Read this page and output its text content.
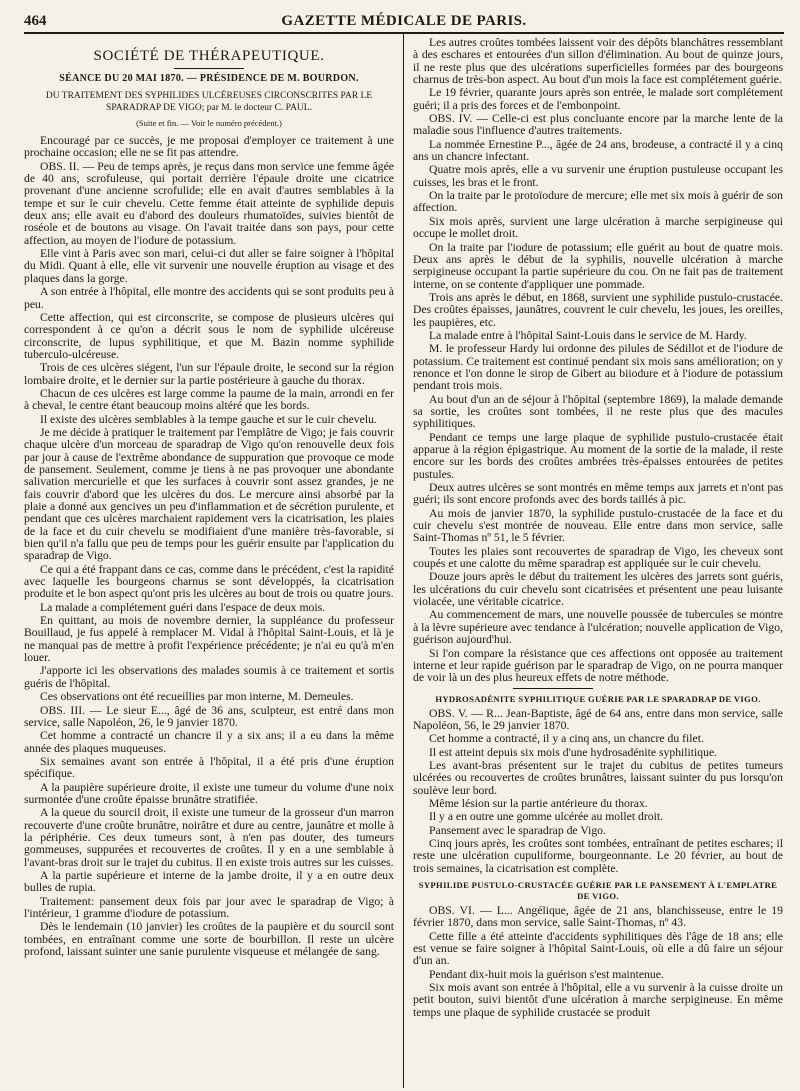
464	GAZETTE MÉDICALE DE PARIS.
SOCIÉTÉ DE THÉRAPEUTIQUE.
SÉANCE DU 20 MAI 1870. — PRÉSIDENCE DE M. BOURDON.
DU TRAITEMENT DES SYPHILIDES ULCÉREUSES CIRCONSCRITES PAR LE SPARADRAP DE VIGO; par M. le docteur C. PAUL.
(Suite et fin. — Voir le numéro précédent.)

Encouragé par ce succès, je me proposai d'employer ce traitement à une prochaine occasion; elle ne se fit pas attendre.

OBS. II. — Peu de temps après, je reçus dans mon service une femme âgée de 40 ans, scrofuleuse, qui portait derrière l'épaule droite une cicatrice provenant d'une ancienne scrofulide; elle en avait d'autres semblables à la tempe et sur le cuir chevelu. Cette femme était atteinte de syphilide depuis deux ans; elle avait eu d'abord des douleurs rhumatoïdes, suivies bientôt de roséole et de boutons au visage. On l'avait traitée dans son pays, pour cette affection, au moyen de l'iodure de potassium.

Elle vint à Paris avec son mari, celui-ci dut aller se faire soigner à l'hôpital du Midi. Quant à elle, elle vit survenir une nouvelle éruption au visage et des plaques dans la gorge.

A son entrée à l'hôpital, elle montre des accidents qui se sont produits peu à peu.

Cette affection, qui est circonscrite, se compose de plusieurs ulcères qui correspondent à ce qu'on a décrit sous le nom de syphilide ulcéreuse circonscrite, de lupus syphilitique, et que M. Bazin nomme syphilide tuberculo-ulcéreuse.

Trois de ces ulcères siégent, l'un sur l'épaule droite, le second sur la région lombaire droite, et le dernier sur la partie postérieure à gauche du thorax.

Chacun de ces ulcères est large comme la paume de la main, arrondi en fer à cheval, le centre étant beaucoup moins altéré que les bords.

Il existe des ulcères semblables à la tempe gauche et sur le cuir chevelu.

Je me décide à pratiquer le traitement par l'emplâtre de Vigo; je fais couvrir chaque ulcère d'un morceau de sparadrap de Vigo qu'on renouvelle deux fois par jour à cause de l'extrême abondance de suppuration que provoque ce mode de pansement. Seulement, comme je tiens à ne pas provoquer une abondante salivation mercurielle et que les surfaces à couvrir sont assez grandes, je ne fais couvrir d'abord que les ulcères du dos. Le mercure ainsi absorbé par la plaie a donné aux gencives un peu d'inflammation et de sécrétion purulente, et pendant que ces ulcères marchaient rapidement vers la cicatrisation, les plaies de la face et du cuir chevelu se modifiaient d'une manière très-favorable, si bien qu'il n'a fallu que peu de temps pour les guérir ensuite par l'application du sparadrap de Vigo.

Ce qui a été frappant dans ce cas, comme dans le précédent, c'est la rapidité avec laquelle les bourgeons charnus se sont développés, la cicatrisation produite et le bon aspect qu'ont pris les ulcères au bout de trois ou quatre jours.

La malade a complétement guéri dans l'espace de deux mois.

En quittant, au mois de novembre dernier, la suppléance du professeur Bouillaud, je fus appelé à remplacer M. Vidal à l'hôpital Saint-Louis, et là je ne manquai pas de mettre à profit l'expérience précédente; je n'ai eu qu'à m'en louer.

J'apporte ici les observations des malades soumis à ce traitement et sortis guéris de l'hôpital.

Ces observations ont été recueillies par mon interne, M. Demeules.

OBS. III. — Le sieur E..., âgé de 36 ans, sculpteur, est entré dans mon service, salle Napoléon, 26, le 9 janvier 1870.

Cet homme a contracté un chancre il y a six ans; il a eu dans la même année des plaques muqueuses.

Six semaines avant son entrée à l'hôpital, il a été pris d'une éruption spécifique.

A la paupière supérieure droite, il existe une tumeur du volume d'une noix surmontée d'une croûte épaisse brunâtre stratifiée.

A la queue du sourcil droit, il existe une tumeur de la grosseur d'un marron recouverte d'une croûte brunâtre, noirâtre et dure au centre, jaunâtre et molle à la périphérie. Ces deux tumeurs sont, à n'en pas douter, des tumeurs gommeuses, suppurées et recouvertes de croûtes. Il y en a une semblable à l'avant-bras droit sur le trajet du cubitus. Il en existe trois autres sur les cuisses.

A la partie supérieure et interne de la jambe droite, il y a en outre deux bulles de rupia.

Traitement: pansement deux fois par jour avec le sparadrap de Vigo; à l'intérieur, 1 gramme d'iodure de potassium.

Dès le lendemain (10 janvier) les croûtes de la paupière et du sourcil sont tombées, en entraînant comme une sorte de bourbillon. Il reste un ulcère profond, laissant suinter une sanie purulente visqueuse et mélangée de sang.

Les autres croûtes tombées laissent voir des dépôts blanchâtres ressemblant à des eschares et entourées d'un sillon d'élimination. Au bout de quinze jours, il ne reste plus que des ulcérations superficielles formées par des bourgeons charnus de très-bon aspect. Au bout d'un mois la face est complétement guérie.

Le 19 février, quarante jours après son entrée, le malade sort complétement guéri; il a pris des forces et de l'embonpoint.

OBS. IV. — Celle-ci est plus concluante encore par la marche lente de la maladie sous l'influence d'autres traitements.

La nommée Ernestine P..., âgée de 24 ans, brodeuse, a contracté il y a cinq ans un chancre infectant.

Quatre mois après, elle a vu survenir une éruption pustuleuse occupant les cuisses, les bras et le front.

On la traite par le protoïodure de mercure; elle met six mois à guérir de son affection.

Six mois après, survient une large ulcération à marche serpigineuse qui occupe le mollet droit.

On la traite par l'iodure de potassium; elle guérit au bout de quatre mois. Deux ans après le début de la syphilis, nouvelle ulcération à marche serpigineuse occupant la partie supérieure du cou. On ne fait pas de traitement interne, on se contente d'appliquer une pommade.

Trois ans après le début, en 1868, survient une syphilide pustulo-crustacée. Des croûtes épaisses, jaunâtres, couvrent le cuir chevelu, les joues, les oreilles, les paupières, etc.

La malade entre à l'hôpital Saint-Louis dans le service de M. Hardy.

M. le professeur Hardy lui ordonne des pilules de Sédillot et de l'iodure de potassium. Ce traitement est continué pendant six mois sans amélioration; on y renonce et l'on donne le sirop de Gibert au biiodure et à l'iodure de potassium pendant trois mois.

Au bout d'un an de séjour à l'hôpital (septembre 1869), la malade demande sa sortie, les croûtes sont tombées, il ne reste plus que des macules syphilitiques.

Pendant ce temps une large plaque de syphilide pustulo-crustacée était apparue à la région épigastrique. Au moment de la sortie de la malade, il reste encore sur les bords des croûtes ambrées très-épaisses entourées de petites pustules.

Deux autres ulcères se sont montrés en même temps aux jarrets et n'ont pas guéri; ils sont encore profonds avec des bords taillés à pic.

Au mois de janvier 1870, la syphilide pustulo-crustacée de la face et du cuir chevelu s'est montrée de nouveau. Elle entre dans mon service, salle Saint-Thomas nº 51, le 5 février.

Toutes les plaies sont recouvertes de sparadrap de Vigo, les cheveux sont coupés et une calotte du même sparadrap est appliquée sur le cuir chevelu.

Douze jours après le début du traitement les ulcères des jarrets sont guéris, les ulcérations du cuir chevelu sont cicatrisées et présentent une peau luisante violacée, une véritable cicatrice.

Au commencement de mars, une nouvelle poussée de tubercules se montre à la lèvre supérieure avec tendance à l'ulcération; nouvelle application de Vigo, guérison aujourd'hui.

Si l'on compare la résistance que ces affections ont opposée au traitement interne et leur rapide guérison par le sparadrap de Vigo, on ne pourra manquer de voir là un des plus heureux effets de notre méthode.

HYDROSADÉNITE SYPHILITIQUE GUÉRIE PAR LE SPARADRAP DE VIGO.

OBS. V. — R... Jean-Baptiste, âgé de 64 ans, entre dans mon service, salle Napoléon, 56, le 29 janvier 1870.

Cet homme a contracté, il y a cinq ans, un chancre du filet.

Il est atteint depuis six mois d'une hydrosadénite syphilitique.

Les avant-bras présentent sur le trajet du cubitus de petites tumeurs ulcérées ou recouvertes de croûtes brunâtres, laissant suinter du pus lorsqu'on soulève leur bord.

Même lésion sur la partie antérieure du thorax.

Il y a en outre une gomme ulcérée au mollet droit.

Pansement avec le sparadrap de Vigo.

Cinq jours après, les croûtes sont tombées, entraînant de petites eschares; il reste une ulcération cupuliforme, bourgeonnante. Le 20 février, au bout de trois semaines, la cicatrisation est complète.

SYPHILIDE PUSTULO-CRUSTACÉE GUÉRIE PAR LE PANSEMENT À L'EMPLATRE DE VIGO.

OBS. VI. — L... Angélique, âgée de 21 ans, blanchisseuse, entre le 19 février 1870, dans mon service, salle Saint-Thomas, nº 43.

Cette fille a été atteinte d'accidents syphilitiques dès l'âge de 18 ans; elle est venue se faire soigner à l'hôpital Saint-Louis, où elle a dû faire un séjour d'un an.

Pendant dix-huit mois la guérison s'est maintenue.

Six mois avant son entrée à l'hôpital, elle a vu survenir à la cuisse droite un petit bouton, suivi bientôt d'une ulcération à marche serpigineuse. En même temps une plaque de syphilide crustacée se produit
